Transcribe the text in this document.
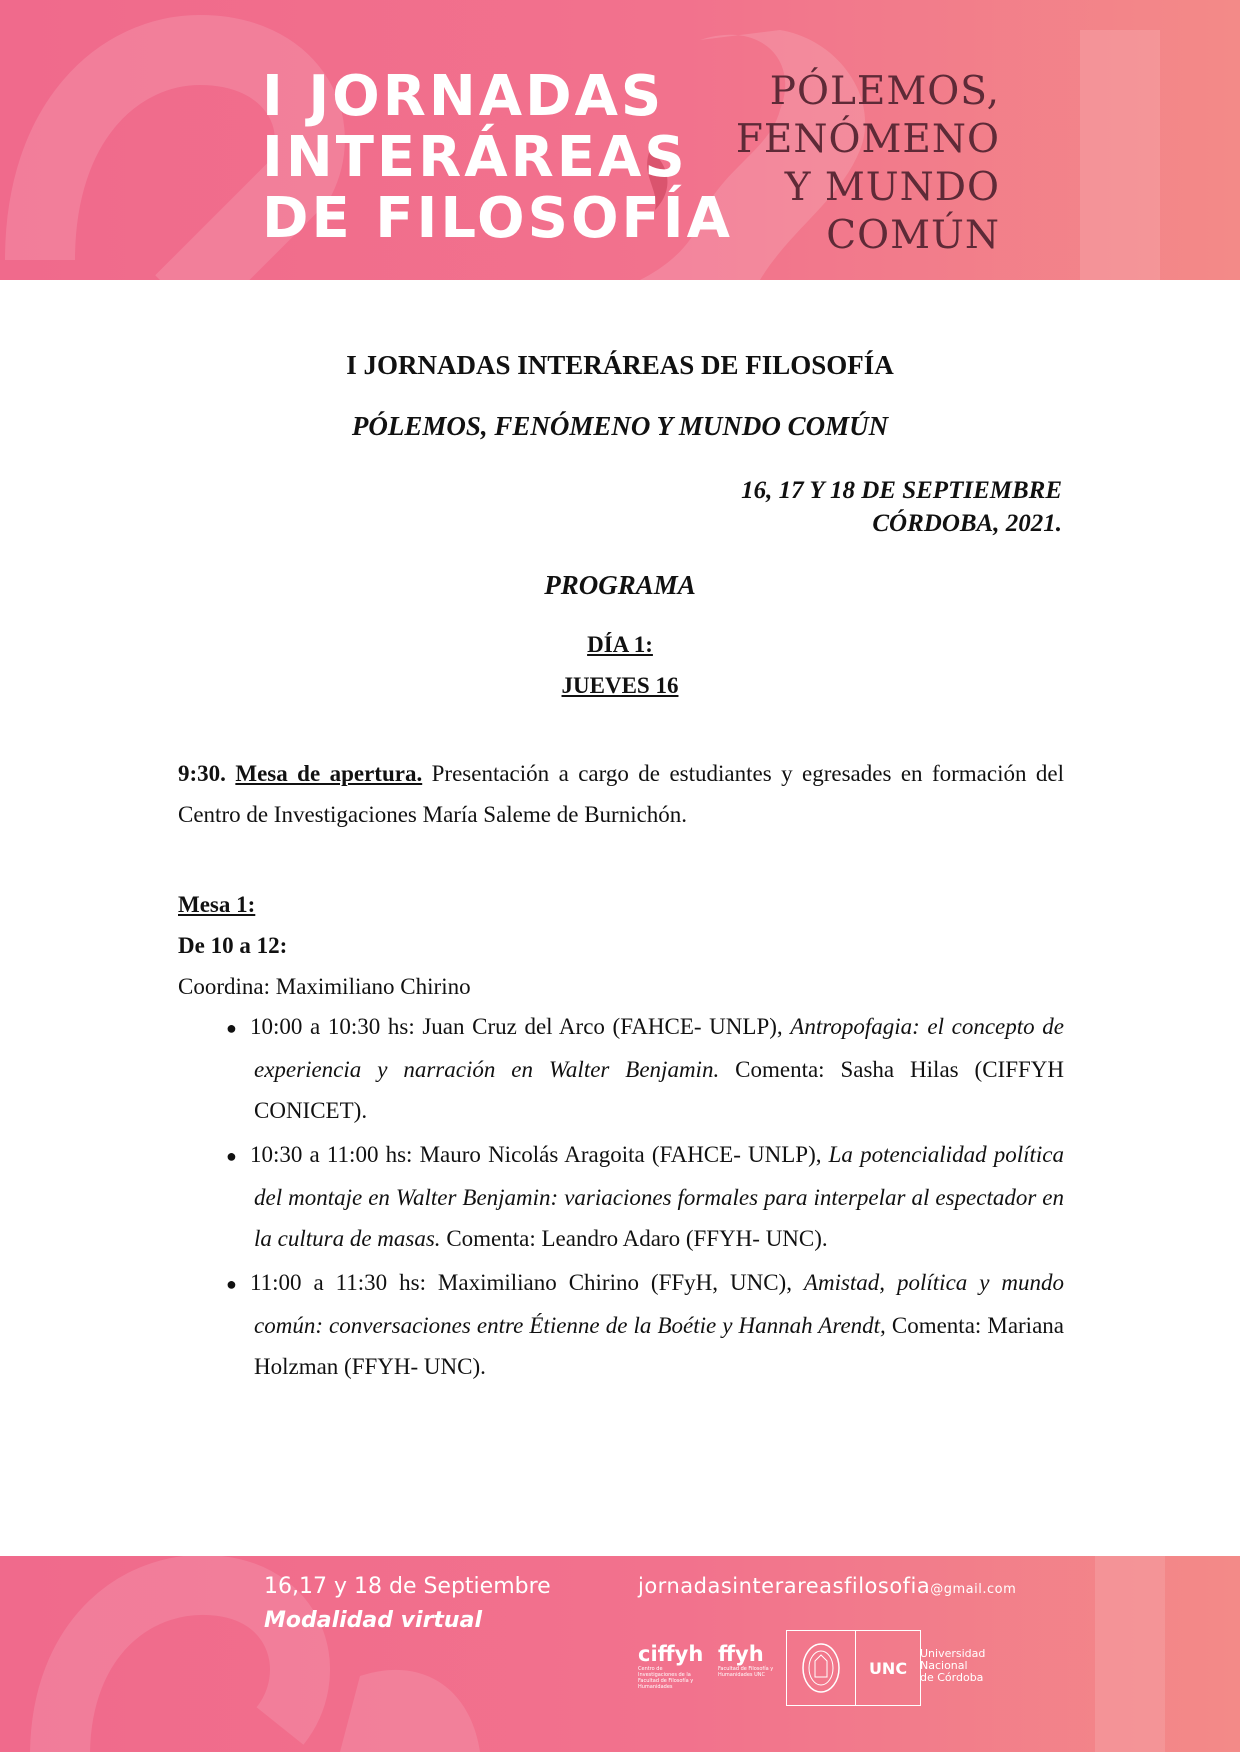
I JORNADAS
INTERÁREAS
DE FILOSOFÍA
PÓLEMOS,
FENÓMENO
Y MUNDO
COMÚN
I JORNADAS INTERÁREAS DE FILOSOFÍA
PÓLEMOS, FENÓMENO Y MUNDO COMÚN
16, 17 Y 18 DE SEPTIEMBRE
CÓRDOBA, 2021.
PROGRAMA
DÍA 1:
JUEVES 16
9:30. Mesa de apertura. Presentación a cargo de estudiantes y egresades en formación del Centro de Investigaciones María Saleme de Burnichón.
Mesa 1:
De 10 a 12:
Coordina: Maximiliano Chirino
● 10:00 a 10:30 hs: Juan Cruz del Arco (FAHCE- UNLP), Antropofagia: el concepto de experiencia y narración en Walter Benjamin. Comenta: Sasha Hilas (CIFFYH CONICET).
● 10:30 a 11:00 hs: Mauro Nicolás Aragoita (FAHCE- UNLP), La potencialidad política del montaje en Walter Benjamin: variaciones formales para interpelar al espectador en la cultura de masas. Comenta: Leandro Adaro (FFYH- UNC).
● 11:00 a 11:30 hs: Maximiliano Chirino (FFyH, UNC), Amistad, política y mundo común: conversaciones entre Étienne de la Boétie y Hannah Arendt, Comenta: Mariana Holzman (FFYH- UNC).
16,17 y 18 de Septiembre
Modalidad virtual
jornadasinterareasfilosofia@gmail.com
ciffyh
Centro de Investigaciones de la Facultad de Filosofía y Humanidades
ffyh
Facultad de Filosofía y Humanidades UNC	UNC
Universidad
Nacional
de Córdoba
